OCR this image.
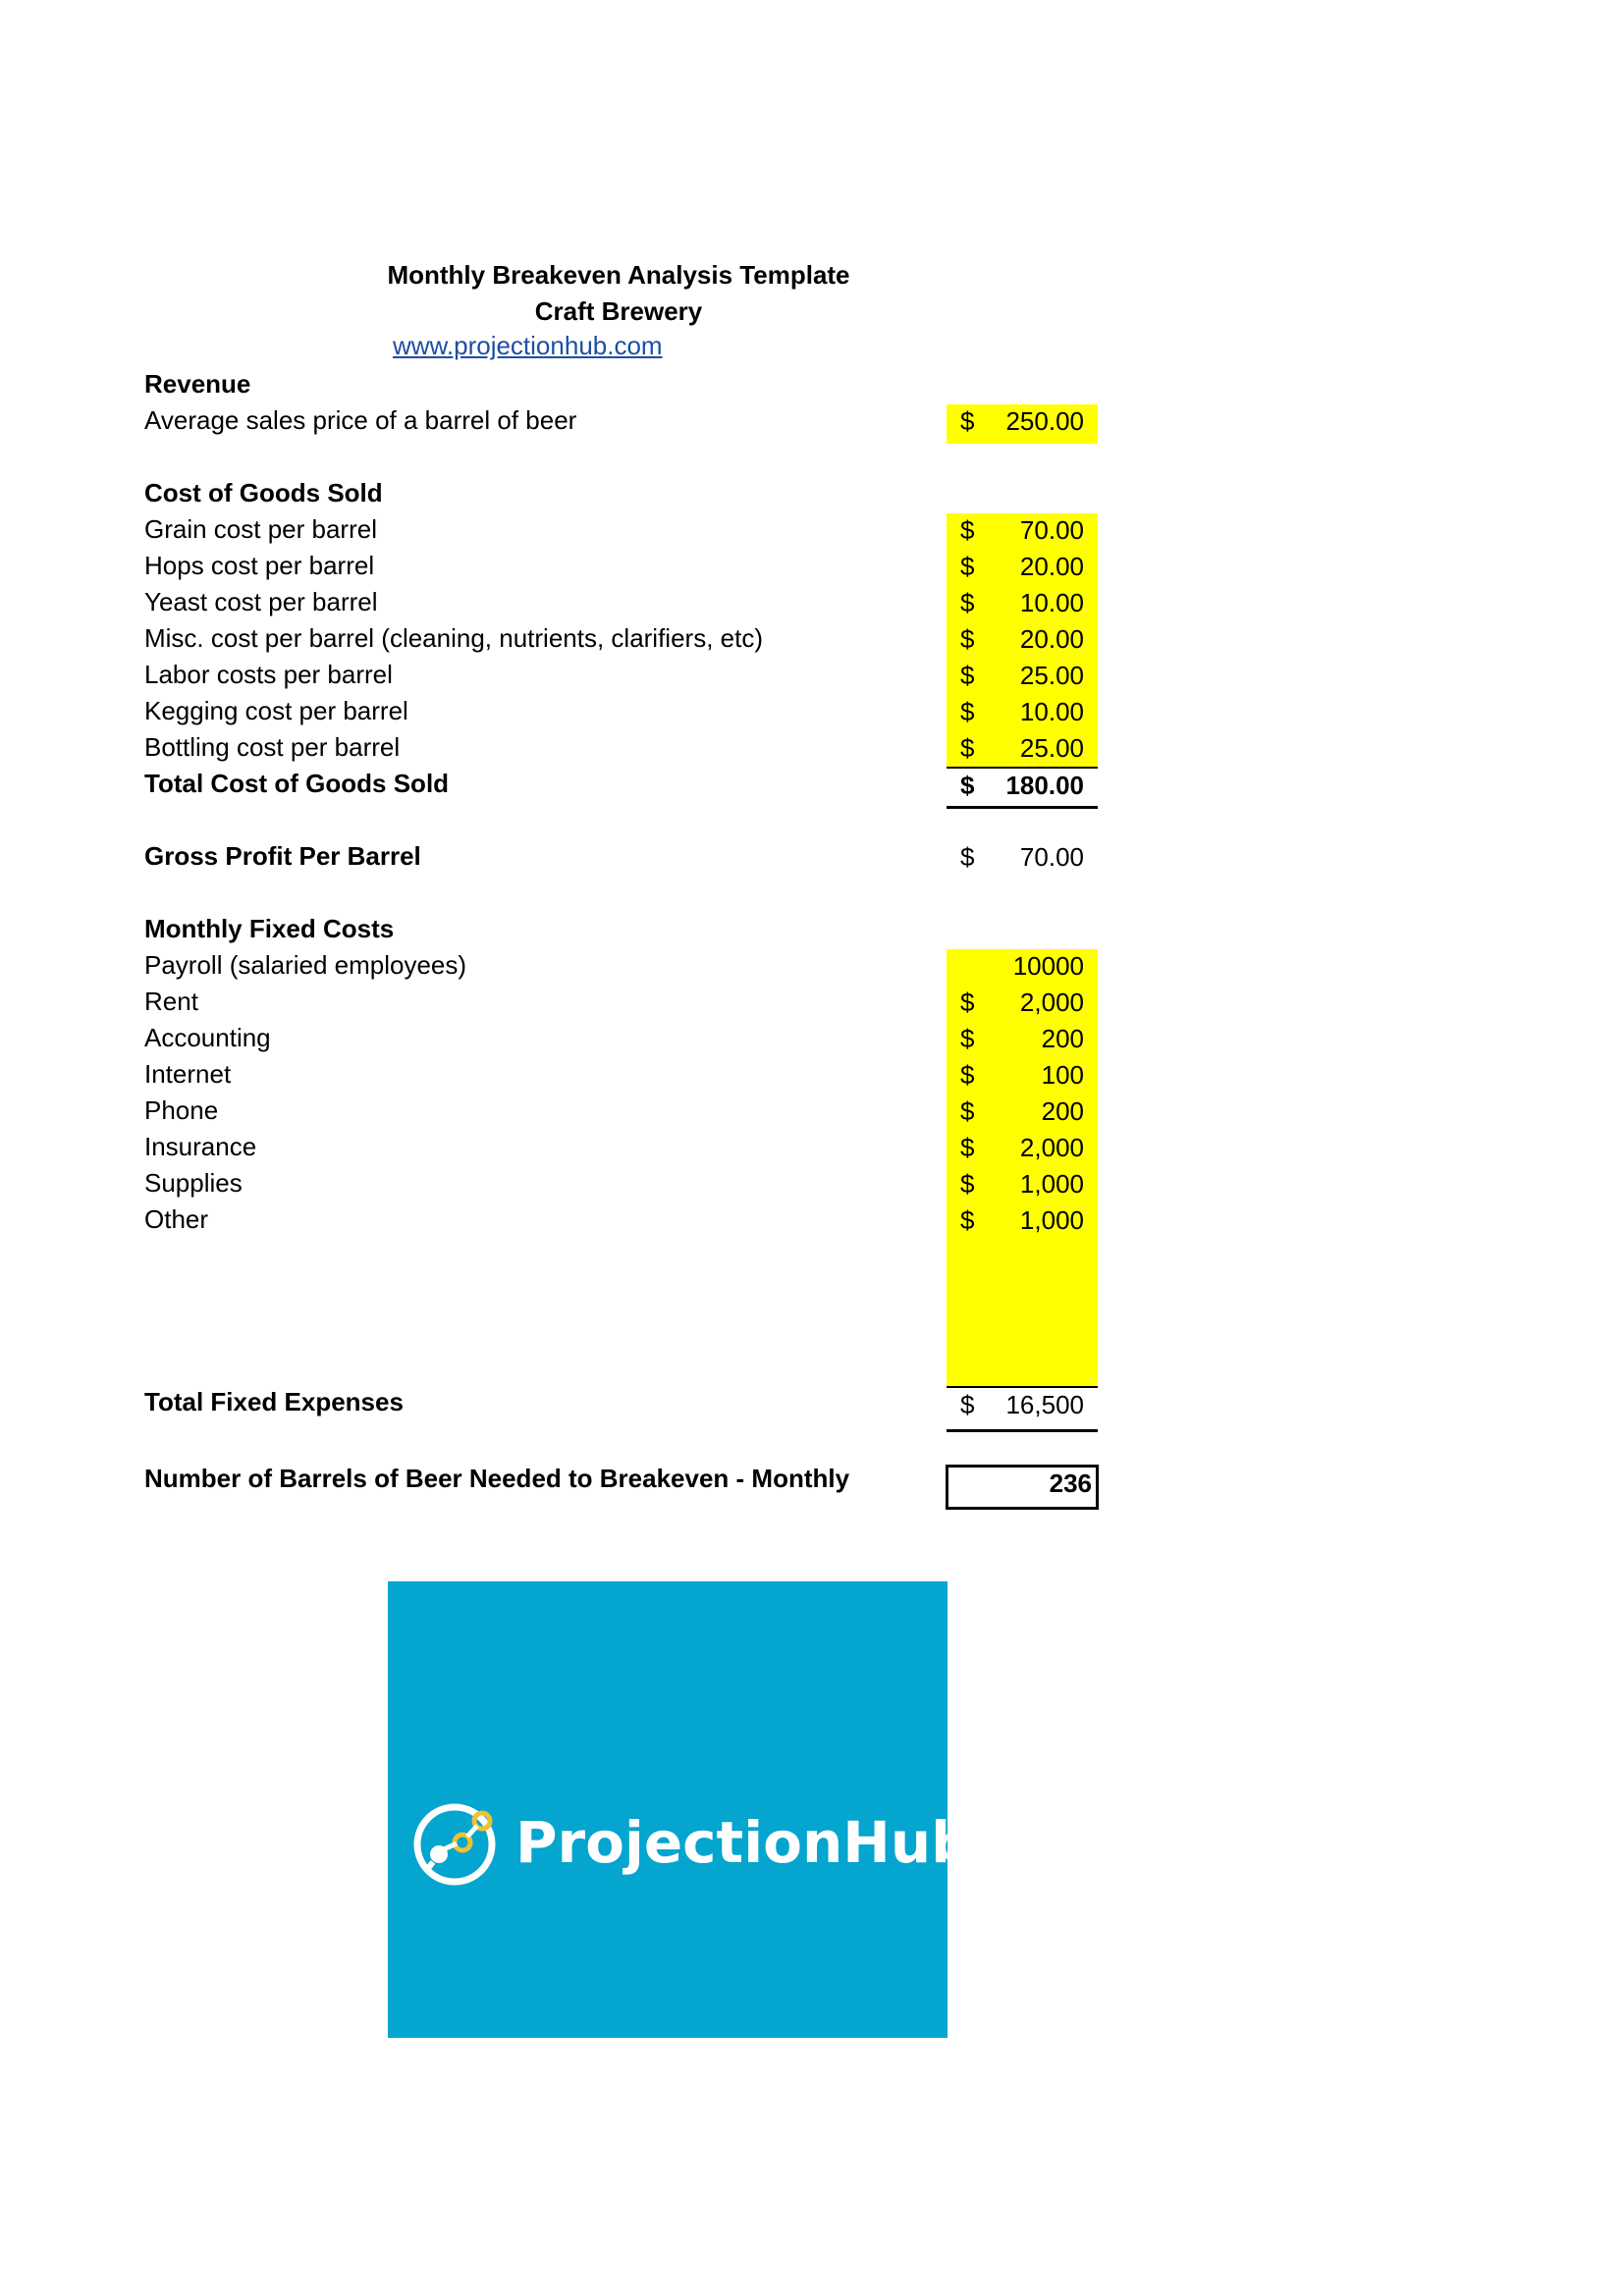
Monthly Breakeven Analysis Template
Craft Brewery
www.projectionhub.com
Revenue
Average sales price of a barrel of beer	$ 250.00
Cost of Goods Sold
Grain cost per barrel	$ 70.00
Hops cost per barrel	$ 20.00
Yeast cost per barrel	$ 10.00
Misc. cost per barrel (cleaning, nutrients, clarifiers, etc)	$ 20.00
Labor costs per barrel	$ 25.00
Kegging cost per barrel	$ 10.00
Bottling cost per barrel	$ 25.00
Total Cost of Goods Sold	$ 180.00
Gross Profit Per Barrel	$ 70.00
Monthly Fixed Costs
Payroll (salaried employees)	10000
Rent	$ 2,000
Accounting	$	200
Internet	$	100
Phone	$	200
Insurance	$ 2,000
Supplies	$ 1,000
Other	$ 1,000
Total Fixed Expenses	$ 16,500
Number of Barrels of Beer Needed to Breakeven - Monthly	236
ProjectionHub
